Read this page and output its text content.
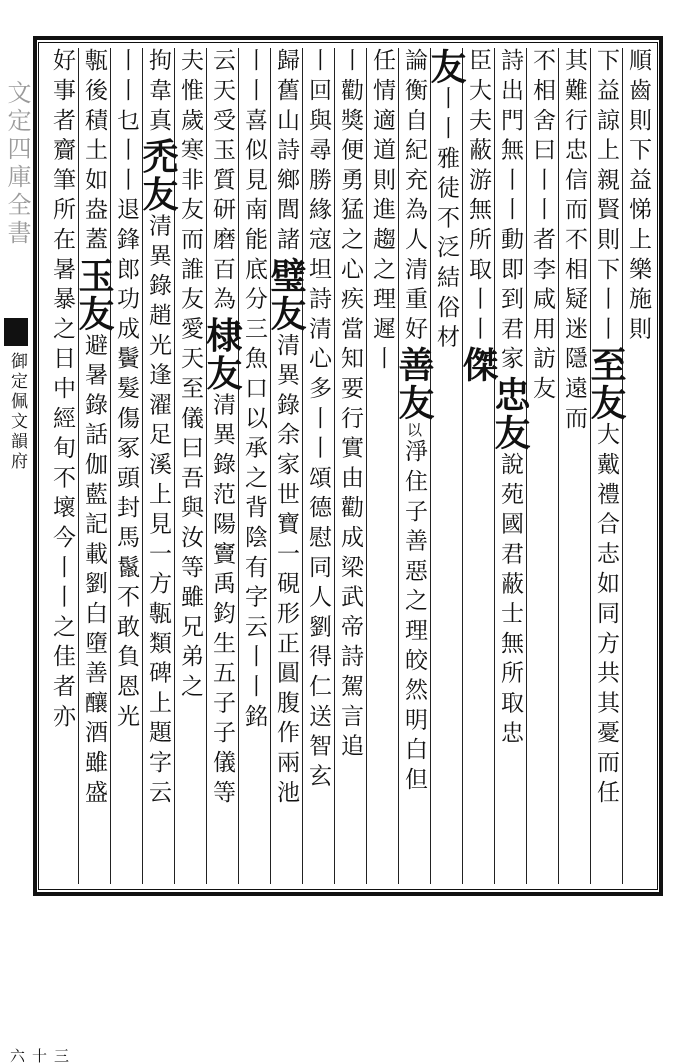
文定四庫全書
御定佩文韻府
三十六
順齒則下益悌上樂施則
下益諒上親賢則下丨丨至友大戴禮合志如同方共其憂而任
其難行忠信而不相疑迷隱遠而
不相舍曰丨丨者李咸用訪友
詩出門無丨丨動即到君家忠友說苑國君蔽士無所取忠
臣大夫蔽游無所取丨丨傑
友丨丨雅徒不泛結俗材
論衡自紀充為人清重好善友以淨住子善惡之理皎然明白但
任情適道則進趨之理遲丨
丨勸獎便勇猛之心疾當知要行實由勸成梁武帝詩駕言追
丨回與尋勝緣寇坦詩清心多丨丨頌德慰同人劉得仁送智玄
歸舊山詩鄉閭諸璧友清異錄余家世寶一硯形正圓腹作兩池
丨丨喜似見南能底分三魚口以承之背陰有字云丨丨銘
云天受玉質研磨百為棣友清異錄范陽竇禹鈞生五子子儀等
夫惟歲寒非友而誰友愛天至儀曰吾與汝等雖兄弟之
拘韋真禿友清異錄趙光逢濯足溪上見一方甎類碑上題字云
丨丨乜丨丨退鋒郎功成鬢髮傷冢頭封馬鬣不敢負恩光
甎後積土如盎蓋玉友避暑錄話伽藍記載劉白墮善釀酒雖盛
好事者齎筆所在暑暴之日中經旬不壞今丨丨之佳者亦
